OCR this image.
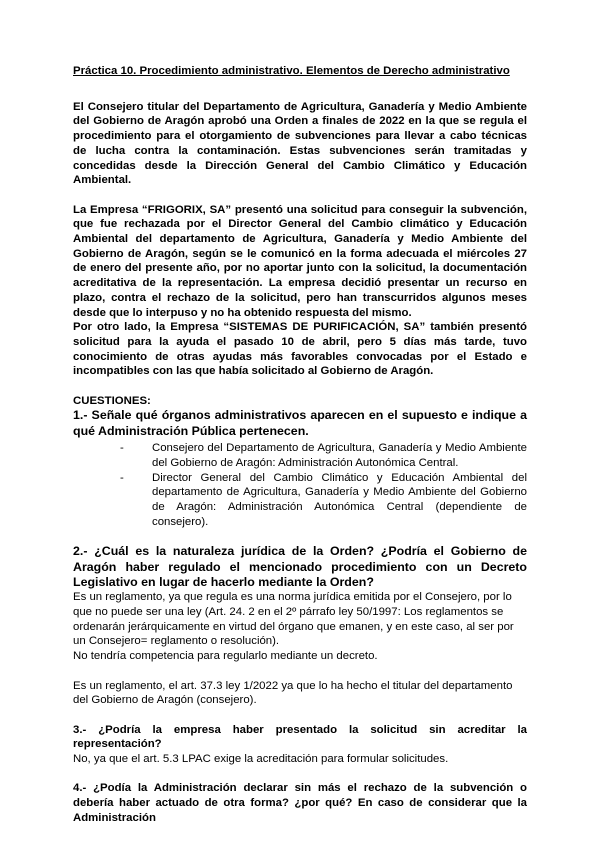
Práctica 10. Procedimiento administrativo. Elementos de Derecho administrativo

El Consejero titular del Departamento de Agricultura, Ganadería y Medio Ambiente del Gobierno de Aragón aprobó una Orden a finales de 2022 en la que se regula el procedimiento para el otorgamiento de subvenciones para llevar a cabo técnicas de lucha contra la contaminación. Estas subvenciones serán tramitadas y concedidas desde la Dirección General del Cambio Climático y Educación Ambiental.

La Empresa “FRIGORIX, SA” presentó una solicitud para conseguir la subvención, que fue rechazada por el Director General del Cambio climático y Educación Ambiental del departamento de Agricultura, Ganadería y Medio Ambiente del Gobierno de Aragón, según se le comunicó en la forma adecuada el miércoles 27 de enero del presente año, por no aportar junto con la solicitud, la documentación acreditativa de la representación. La empresa decidió presentar un recurso en plazo, contra el rechazo de la solicitud, pero han transcurridos algunos meses desde que lo interpuso y no ha obtenido respuesta del mismo.

Por otro lado, la Empresa “SISTEMAS DE PURIFICACIÓN, SA” también presentó solicitud para la ayuda el pasado 10 de abril, pero 5 días más tarde, tuvo conocimiento de otras ayudas más favorables convocadas por el Estado e incompatibles con las que había solicitado al Gobierno de Aragón.

CUESTIONES:

1.- Señale qué órganos administrativos aparecen en el supuesto e indique a qué Administración Pública pertenecen.

- Consejero del Departamento de Agricultura, Ganadería y Medio Ambiente del Gobierno de Aragón: Administración Autonómica Central.
- Director General del Cambio Climático y Educación Ambiental del departamento de Agricultura, Ganadería y Medio Ambiente del Gobierno de Aragón: Administración Autonómica Central (dependiente de consejero).

2.- ¿Cuál es la naturaleza jurídica de la Orden? ¿Podría el Gobierno de Aragón haber regulado el mencionado procedimiento con un Decreto Legislativo en lugar de hacerlo mediante la Orden?

Es un reglamento, ya que regula es una norma jurídica emitida por el Consejero, por lo que no puede ser una ley (Art. 24. 2 en el 2º párrafo ley 50/1997: Los reglamentos se ordenarán jerárquicamente en virtud del órgano que emanen, y en este caso, al ser por un Consejero= reglamento o resolución).

No tendría competencia para regularlo mediante un decreto.

Es un reglamento, el art. 37.3 ley 1/2022 ya que lo ha hecho el titular del departamento del Gobierno de Aragón (consejero).

3.- ¿Podría la empresa haber presentado la solicitud sin acreditar la representación?

No, ya que el art. 5.3 LPAC exige la acreditación para formular solicitudes.

4.- ¿Podía la Administración declarar sin más el rechazo de la subvención o debería haber actuado de otra forma? ¿por qué? En caso de considerar que la Administración
